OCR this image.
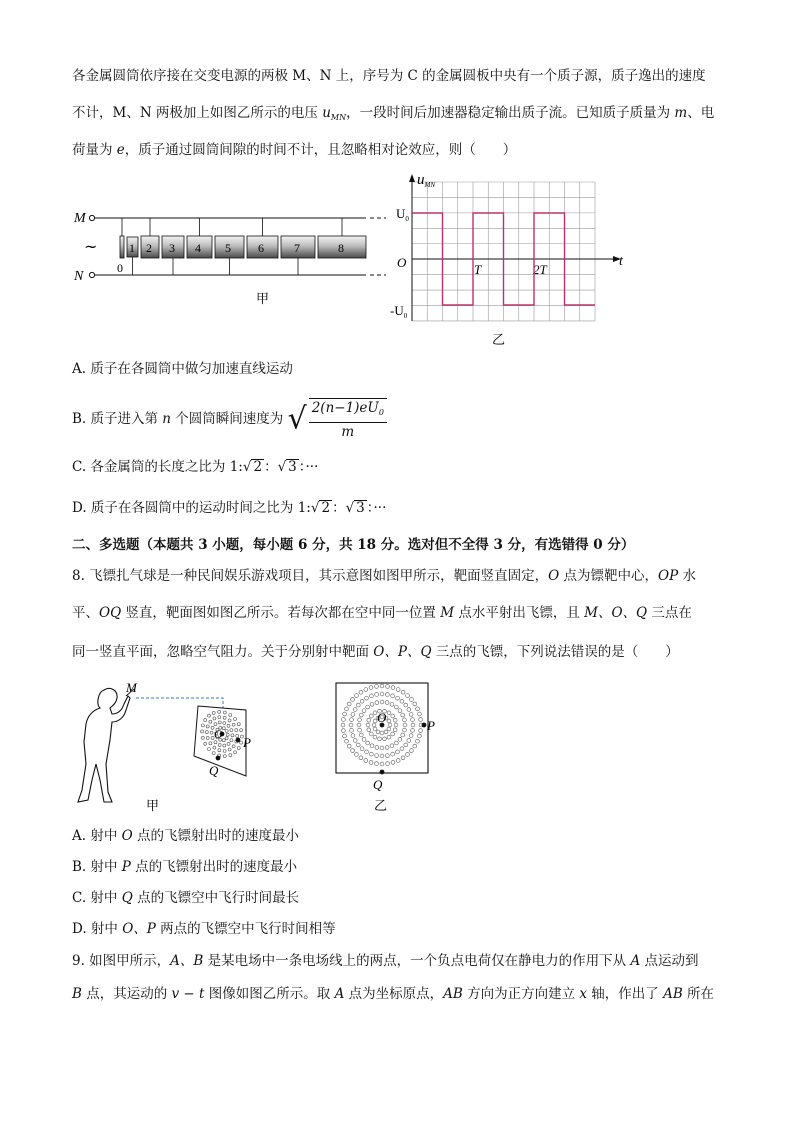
各金属圆筒依序接在交变电源的两极 M、N 上，序号为 C 的金属圆板中央有一个质子源，质子逸出的速度
不计，M、N 两极加上如图乙所示的电压 $u_{MN}$，一段时间后加速器稳定输出质子流。已知质子质量为 m、电
荷量为 e，质子通过圆筒间隙的时间不计，且忽略相对论效应，则（　　）
M
N
~
0
1 2 3 4 5 6	7	8
甲
$u_{MN}$
t
$U_0$
O
$-U_0$
T	2T
乙
A. 质子在各圆筒中做匀加速直线运动
B. 质子进入第 n 个圆筒瞬间速度为 √ $\frac{2(n-1)eU_0}{m}$
C. 各金属筒的长度之比为 1:√ 2 ：√ 3 ：···
D. 质子在各圆筒中的运动时间之比为 1:√ 2 ：√ 3 ：···
二、多选题（本题共 3 小题，每小题 6 分，共 18 分。选对但不全得 3 分，有选错得 0 分）
8. 飞镖扎气球是一种民间娱乐游戏项目，其示意图如图甲所示，靶面竖直固定，O 点为镖靶中心，OP 水
平、OQ 竖直，靶面图如图乙所示。若每次都在空中同一位置 M 点水平射出飞镖，且 M、O、Q 三点在
同一竖直平面，忽略空气阻力。关于分别射中靶面 O、P、Q 三点的飞镖，下列说法错误的是（　　）
M
O
P
Q
甲
O
P
Q
乙
A. 射中 O 点的飞镖射出时的速度最小
B. 射中 P 点的飞镖射出时的速度最小
C. 射中 Q 点的飞镖空中飞行时间最长
D. 射中 O、P 两点的飞镖空中飞行时间相等
9. 如图甲所示，A、B 是某电场中一条电场线上的两点，一个负点电荷仅在静电力的作用下从 A 点运动到
B 点，其运动的 v − t 图像如图乙所示。取 A 点为坐标原点，AB 方向为正方向建立 x 轴，作出了 AB 所在
